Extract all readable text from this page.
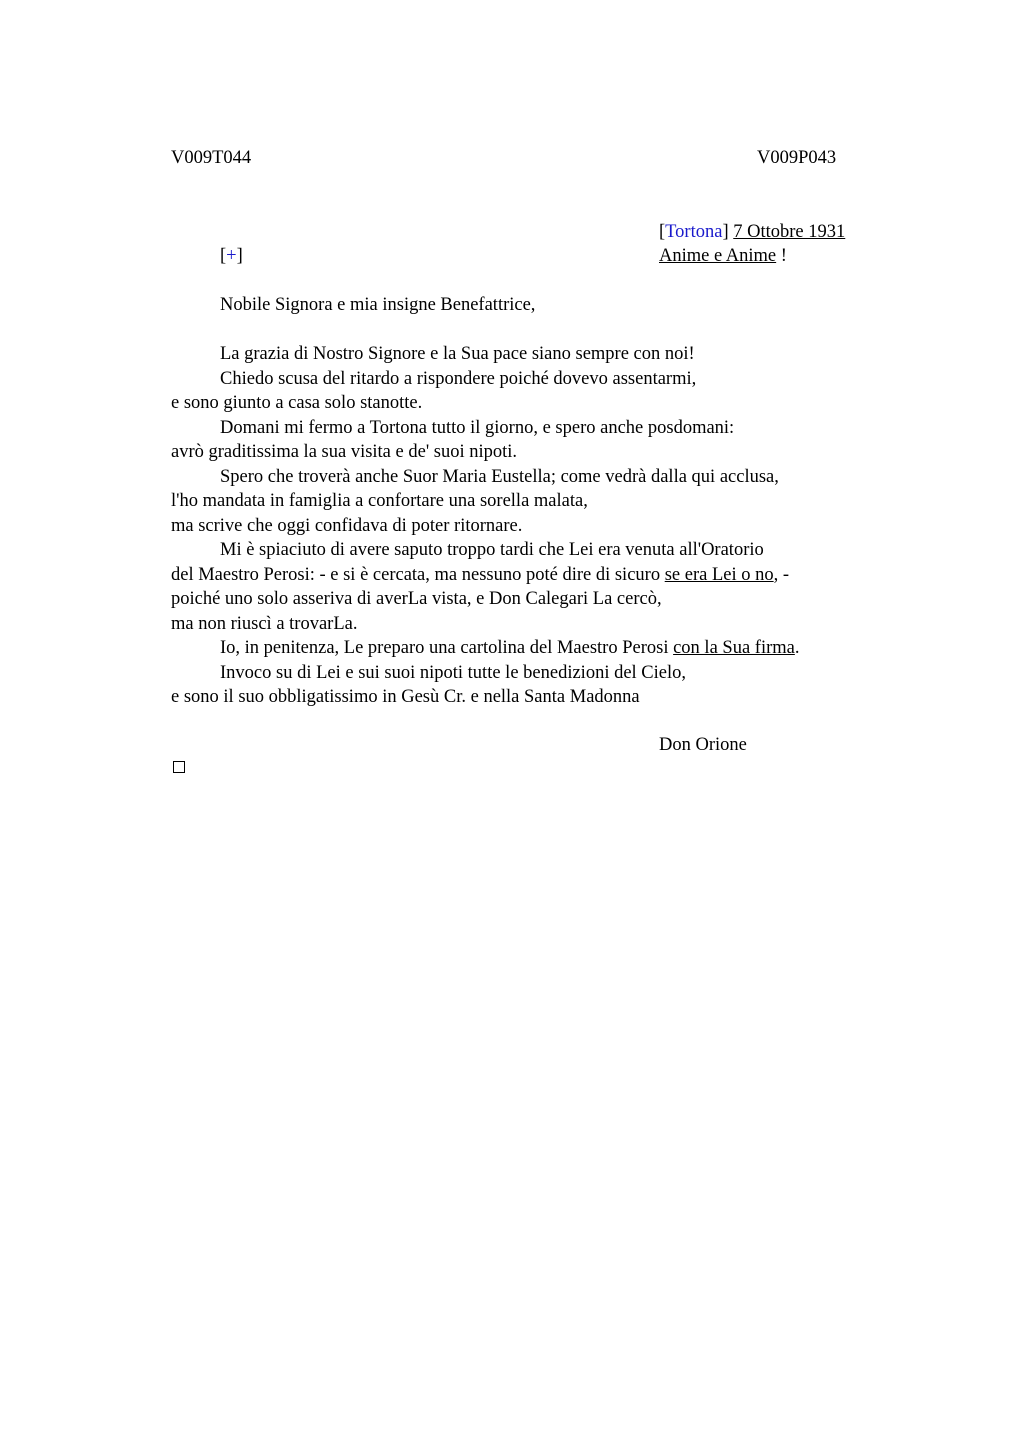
V009T044	V009P043
[Tortona] 7 Ottobre 1931
[+]	Anime e Anime !
Nobile Signora e mia insigne Benefattrice,
La grazia di Nostro Signore e la Sua pace siano sempre con noi!
Chiedo scusa del ritardo a rispondere poiché dovevo assentarmi,
e sono giunto a casa solo stanotte.
Domani mi fermo a Tortona tutto il giorno, e spero anche posdomani:
avrò graditissima la sua visita e de' suoi nipoti.
Spero che troverà anche Suor Maria Eustella; come vedrà dalla qui acclusa,
l'ho mandata in famiglia a confortare una sorella malata,
ma scrive che oggi confidava di poter ritornare.
Mi è spiaciuto di avere saputo troppo tardi che Lei era venuta all'Oratorio
del Maestro Perosi: - e si è cercata, ma nessuno poté dire di sicuro se era Lei o no, -
poiché uno solo asseriva di averLa vista, e Don Calegari La cercò,
ma non riuscì a trovarLa.
Io, in penitenza, Le preparo una cartolina del Maestro Perosi con la Sua firma.
Invoco su di Lei e sui suoi nipoti tutte le benedizioni del Cielo,
e sono il suo obbligatissimo in Gesù Cr. e nella Santa Madonna
Don Orione
